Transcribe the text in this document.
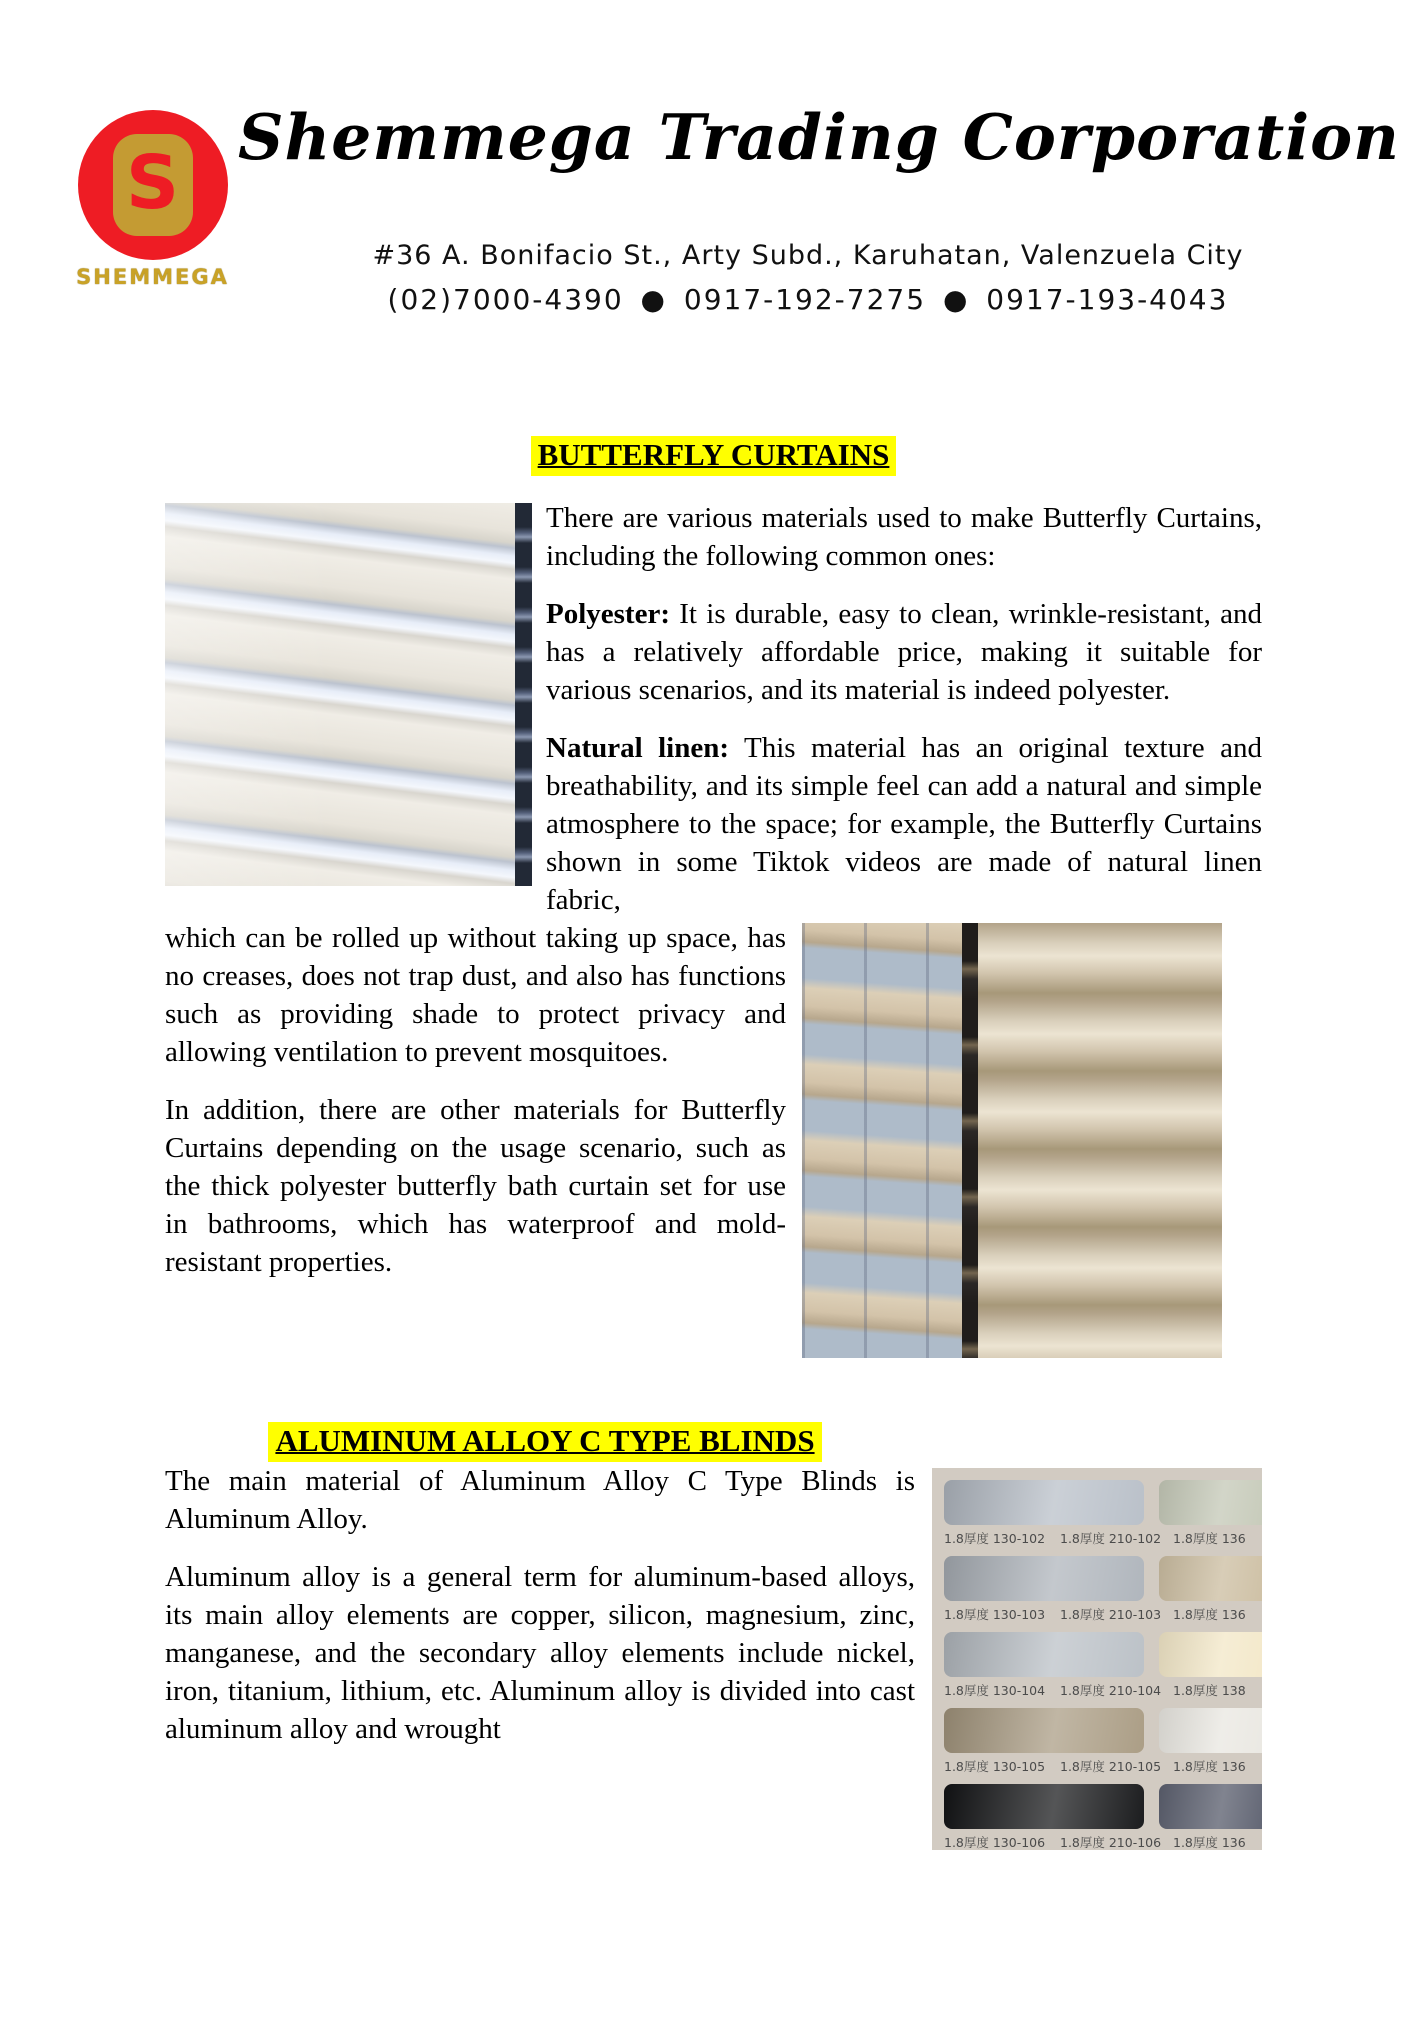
S
SHEMMEGA
Shemmega Trading Corporation
#36 A. Bonifacio St., Arty Subd., Karuhatan, Valenzuela City
(02)7000-4390 ● 0917-192-7275 ● 0917-193-4043
BUTTERFLY CURTAINS

There are various materials used to make Butterfly Curtains, including the following common ones:

Polyester: It is durable, easy to clean, wrinkle-resistant, and has a relatively affordable price, making it suitable for various scenarios, and its material is indeed polyester.

Natural linen: This material has an original texture and breathability, and its simple feel can add a natural and simple atmosphere to the space; for example, the Butterfly Curtains shown in some Tiktok videos are made of natural linen fabric,

which can be rolled up without taking up space, has no creases, does not trap dust, and also has functions such as providing shade to protect privacy and allowing ventilation to prevent mosquitoes.

In addition, there are other materials for Butterfly Curtains depending on the usage scenario, such as the thick polyester butterfly bath curtain set for use in bathrooms, which has waterproof and mold-resistant properties.

ALUMINUM ALLOY C TYPE BLINDS
1.8厚度 130-102	1.8厚度 210-102 1.8厚度 136
1.8厚度 130-103	1.8厚度 210-103 1.8厚度 136
1.8厚度 130-104	1.8厚度 210-104 1.8厚度 138
1.8厚度 130-105	1.8厚度 210-105 1.8厚度 136
1.8厚度 130-106	1.8厚度 210-106 1.8厚度 136

The main material of Aluminum Alloy C Type Blinds is Aluminum Alloy.

Aluminum alloy is a general term for aluminum-based alloys, its main alloy elements are copper, silicon, magnesium, zinc, manganese, and the secondary alloy elements include nickel, iron, titanium, lithium, etc. Aluminum alloy is divided into cast aluminum alloy and wrought
